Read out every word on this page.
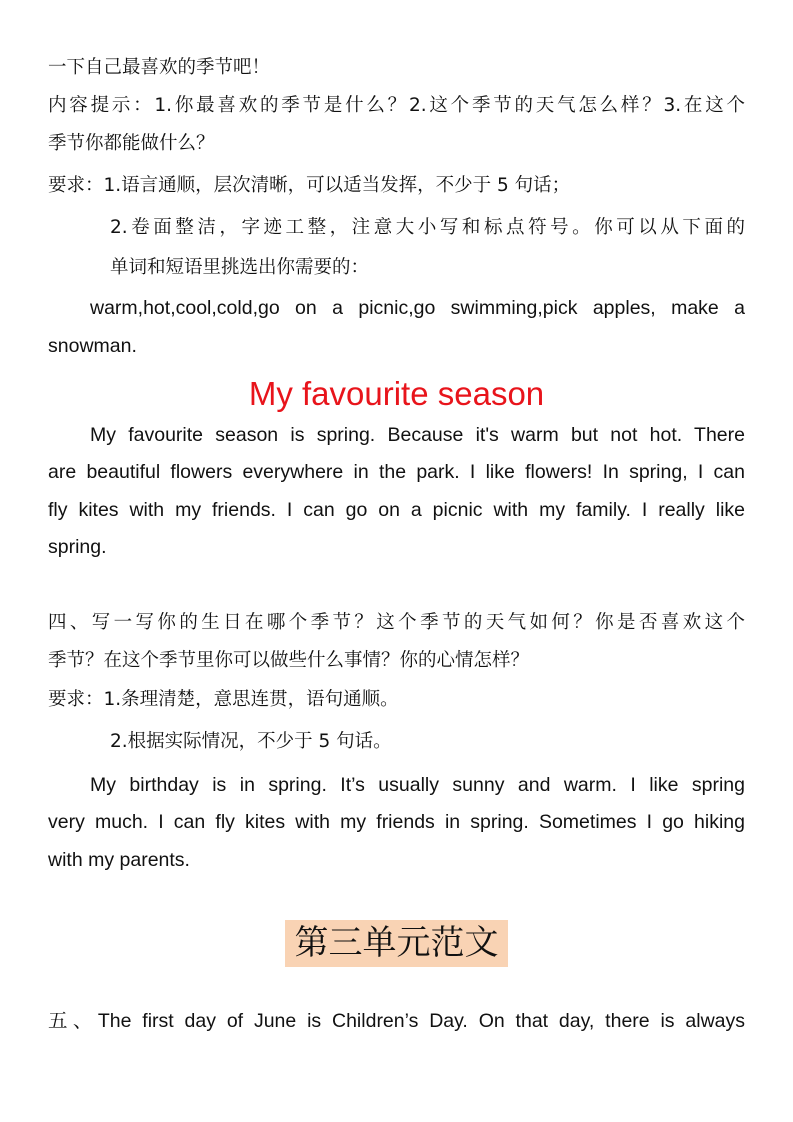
一下自己最喜欢的季节吧！
内容提示：1.你最喜欢的季节是什么？2.这个季节的天气怎么样？3.在这个
季节你都能做什么？
要求：1.语言通顺，层次清晰，可以适当发挥，不少于 5 句话；
2.卷面整洁，字迹工整，注意大小写和标点符号。你可以从下面的
单词和短语里挑选出你需要的：
warm,hot,cool,cold,go on a picnic,go swimming,pick apples, make a
snowman.
My favourite season
My favourite season is spring. Because it's warm but not hot. There
are beautiful flowers everywhere in the park. I like flowers! In spring, I can
fly kites with my friends. I can go on a picnic with my family. I really like
spring.
四、写一写你的生日在哪个季节？这个季节的天气如何？你是否喜欢这个
季节？在这个季节里你可以做些什么事情？你的心情怎样？
要求：1.条理清楚，意思连贯，语句通顺。
2.根据实际情况，不少于 5 句话。
My birthday is in spring. It’s usually sunny and warm. I like spring
very much. I can fly kites with my friends in spring. Sometimes I go hiking
with my parents.
第三单元范文
五、The first day of June is Children’s Day. On that day, there is always
